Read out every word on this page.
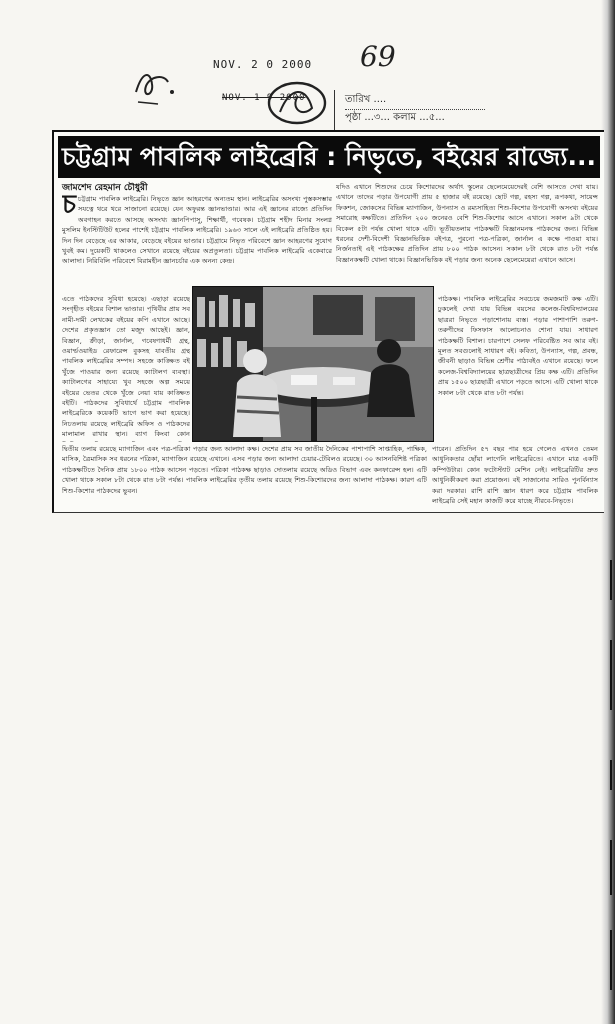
NOV. 2 0 2000
NOV. 1 9 2000
69
তারিখ ....
পৃষ্ঠা ...৩... কলাম ...৫...
চট্টগ্রাম পাবলিক লাইব্রেরি : নিভৃতে, বইয়ের রাজ্যে...
জামশেদ রেহমান চৌধুরী

চচট্টগ্রাম পাবলিক লাইব্রেরি। নিভৃতে জ্ঞান আহরণের অন্যতম স্থান। লাইব্রেরির অসংখ্য পুস্তকসম্ভার সযত্নে থরে থরে সাজানো রয়েছে। যেন অফুরন্ত জ্ঞানভাণ্ডার। আর এই জ্ঞানের রাজ্যে প্রতিদিন অবগাহন করতে আসছে অসংখ্য জ্ঞানপিপাসু, শিক্ষার্থী, গবেষক। চট্টগ্রাম শহীদ মিনার সংলগ্ন মুসলিম ইনস্টিটিউট হলের পাশেই চট্টগ্রাম পাবলিক লাইব্রেরি। ১৯৬৩ সালে এই লাইব্রেরি প্রতিষ্ঠিত হয়। দিন দিন বেড়েছে এর আকার, বেড়েছে বইয়ের ভাণ্ডার। চট্টগ্রামে নিভৃত পরিবেশে জ্ঞান আহরণের সুযোগ খুবই কম। দুয়েকটি থাকলেও সেখানে রয়েছে বইয়ের অপ্রতুলতা। চট্টগ্রাম পাবলিক লাইব্রেরি একেবারে আলাদা। নিরিবিলি পরিবেশে বিরামহীন জ্ঞানচর্চার এক অনন্য কেন্দ্র।

যদিও এখানে শিশুদের চেয়ে কিশোরদের অর্থাৎ স্কুলের ছেলেমেয়েদেরই বেশি আসতে দেখা যায়। এখানে তাদের পড়ার উপযোগী প্রায় ৫ হাজার বই রয়েছে। ছোট গল্প, রহস্য গল্প, রূপকথা, সায়েন্স ফিকশন, জোকসের বিভিন্ন ম্যাগাজিন, উপন্যাস ও রম্যসাহিত্য শিশু-কিশোর উপযোগী অসংখ্য বইয়ের সমারোহ কক্ষটিতে। প্রতিদিন ২০০ জনেরও বেশি শিশু-কিশোর আসে এখানে। সকাল ৯টা থেকে বিকেল ৫টা পর্যন্ত খোলা থাকে এটি। ভূতীয়তলায় পাঠকক্ষটি বিজ্ঞানমনস্ক পাঠকদের জন্য। বিভিন্ন ধরনের দেশী-বিদেশী বিজ্ঞানভিত্তিক বইপত্র, পুরনো পত্র-পত্রিকা, জার্নাল এ কক্ষে পাওয়া যায়। নির্জনতাই এই পাঠকক্ষের প্রতিদিন প্রায় ৮০০ পাঠক আসেন। সকাল ৮টা থেকে রাত ৮টা পর্যন্ত বিজ্ঞানকক্ষটি খোলা থাকে। বিজ্ঞানভিত্তিক বই পড়ার জন্য অনেক ছেলেমেয়েরা এখানে আসে।

এতে পাঠকদের সুবিধা হয়েছে। এছাড়া রয়েছে সংগৃহীত বইয়ের বিশাল ভাণ্ডার। পৃথিবীর প্রায় সব নামী-দামী লেখকের বইয়ের কপি এখানে আছে। দেশের প্রকৃতজ্ঞান তো মজুদ আছেই। জ্ঞান, বিজ্ঞান, ক্রীড়া, জার্নাল, গবেষণাধর্মী গ্রন্থ, ওয়ার্ল্ডওয়াইড রেফারেন্স বুকসহ যাবতীয় গ্রন্থ পাবলিক লাইব্রেরির সম্পদ। সহজে কাঙ্ক্ষিত বই খুঁজে পাওয়ার জন্য রয়েছে ক্যাটালগ ব্যবস্থা। ক্যাটালগের সাহায্যে খুব সহজে অল্প সময়ে বইয়ের ভেতর থেকে খুঁজে নেয়া যায় কাঙ্ক্ষিত বইটি। পাঠকদের সুবিধার্থে চট্টগ্রাম পাবলিক লাইব্রেরিকে কয়েকটি ভাগে ভাগ করা হয়েছে। নিচতলায় রয়েছে লাইব্রেরি অফিস ও পাঠকদের মালামাল রাখার স্থান। ব্যাগ কিংবা কোন

পাঠকক্ষ। পাবলিক লাইব্রেরির সবচেয়ে জমজমাট কক্ষ এটি। ঢুকলেই দেখা যায় বিভিন্ন বয়সের কলেজ-বিশ্ববিদ্যালয়ের ছাত্ররা নিভৃতে পড়াশোনায় ব্যস্ত। পড়ার পাশাপাশি তরুণ-তরুণীদের ফিসফাস আলোচনাও শোনা যায়। সাধারণ পাঠকক্ষটি বিশাল। চারপাশে সেলফ পরিবেষ্টিত সব আর বই। মূলত সবগুলোই সাধারণ বই। কবিতা, উপন্যাস, গল্প, প্রবন্ধ, জীবনী ছাড়াও বিভিন্ন শ্রেণীর পাঠ্যবইও এখানে রয়েছে। ফলে কলেজ-বিশ্ববিদ্যালয়ের ছাত্রছাত্রীদের প্রিয় কক্ষ এটি। প্রতিদিন প্রায় ১৫০০ ছাত্রছাত্রী এখানে পড়তে আসে। এটি খোলা থাকে সকাল ৮টা থেকে রাত ৮টা পর্যন্ত।

দ্বিতীয় তলায় রয়েছে ম্যাগাজিন এবং পত্র-পত্রিকা পড়ার জন্য আলাদা কক্ষ। দেশের প্রায় সব জাতীয় দৈনিকের পাশাপাশি সাপ্তাহিক, পাক্ষিক, মাসিক, ত্রৈমাসিক সব ধরনের পত্রিকা, ম্যাগাজিন রয়েছে এখানে। এসব পড়ার জন্য আলাদা চেয়ার-টেবিলও রয়েছে। ৩০ আসনবিশিষ্ট পত্রিকা পাঠকক্ষটিতে দৈনিক প্রায় ১৮০০ পাঠক আসেন পড়তে। পত্রিকা পাঠকক্ষ ছাড়াও দোতলায় রয়েছে অডিও বিভাগ এবং কনফারেন্স হল। এটি খোলা থাকে সকাল ৮টা থেকে রাত ৮টা পর্যন্ত। পাবলিক লাইব্রেরির তৃতীয় তলায় রয়েছে শিশু-কিশোরদের জন্য আলাদা পাঠকক্ষ। কারণ এটি শিশু-কিশোর পাঠকদের ভুবন।

পারেন। প্রতিদিন ৫৭ বছর পার হয়ে গেলেও এখনও তেমন আধুনিকতার ছোঁয়া লাগেনি লাইব্রেরিতে। এখানে মাত্র একটি কম্পিউটার। কোন ফটোস্ট্যাট মেশিন নেই। লাইব্রেরিটির দ্রুত আধুনিকীকরণ করা প্রয়োজন। বই সাজানোর সারিও পুনর্বিন্যাস করা দরকার। রাশি রাশি জ্ঞান ধারণ করে চট্টগ্রাম পাবলিক লাইব্রেরি সেই মহান কাজটি করে যাচ্ছে নীরবে-নিভৃতে।
